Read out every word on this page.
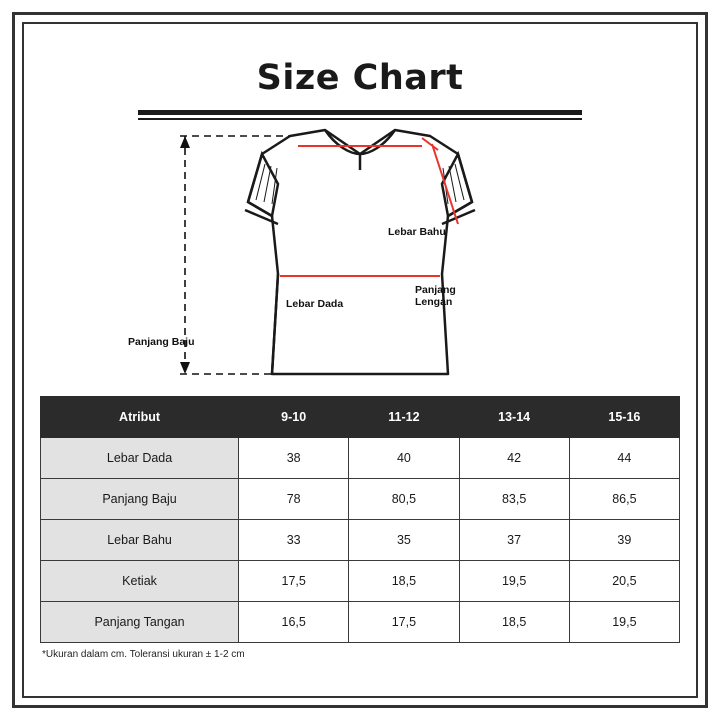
Size Chart
Panjang Baju
Lebar Dada
Lebar Bahu
Panjang
Lengan
Atribut	9-10	11-12	13-14	15-16
Lebar Dada	38	40	42	44
Panjang Baju	78	80,5	83,5	86,5
Lebar Bahu	33	35	37	39
Ketiak	17,5	18,5	19,5	20,5
Panjang Tangan	16,5	17,5	18,5	19,5
*Ukuran dalam cm. Toleransi ukuran ± 1-2 cm
